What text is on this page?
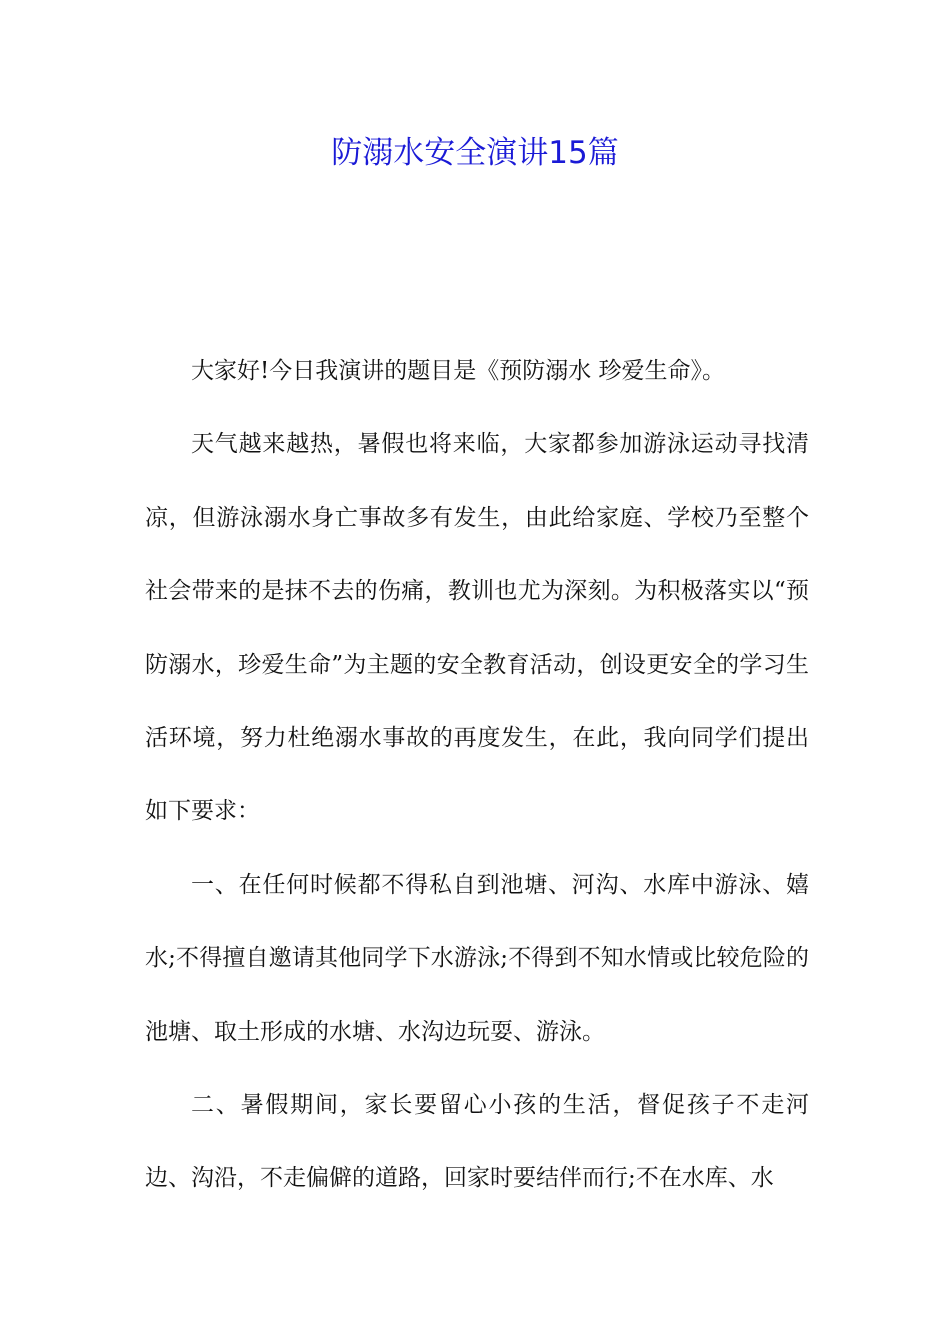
防溺水安全演讲15篇

大家好!今日我演讲的题目是《预防溺水 珍爱生命》。

天气越来越热，暑假也将来临，大家都参加游泳运动寻找清凉，但游泳溺水身亡事故多有发生，由此给家庭、学校乃至整个社会带来的是抹不去的伤痛，教训也尤为深刻。为积极落实以“预防溺水，珍爱生命”为主题的安全教育活动，创设更安全的学习生活环境，努力杜绝溺水事故的再度发生，在此，我向同学们提出如下要求：

一、在任何时候都不得私自到池塘、河沟、水库中游泳、嬉水;不得擅自邀请其他同学下水游泳;不得到不知水情或比较危险的池塘、取土形成的水塘、水沟边玩耍、游泳。

二、暑假期间，家长要留心小孩的生活，督促孩子不走河边、沟沿，不走偏僻的道路，回家时要结伴而行;不在水库、水
